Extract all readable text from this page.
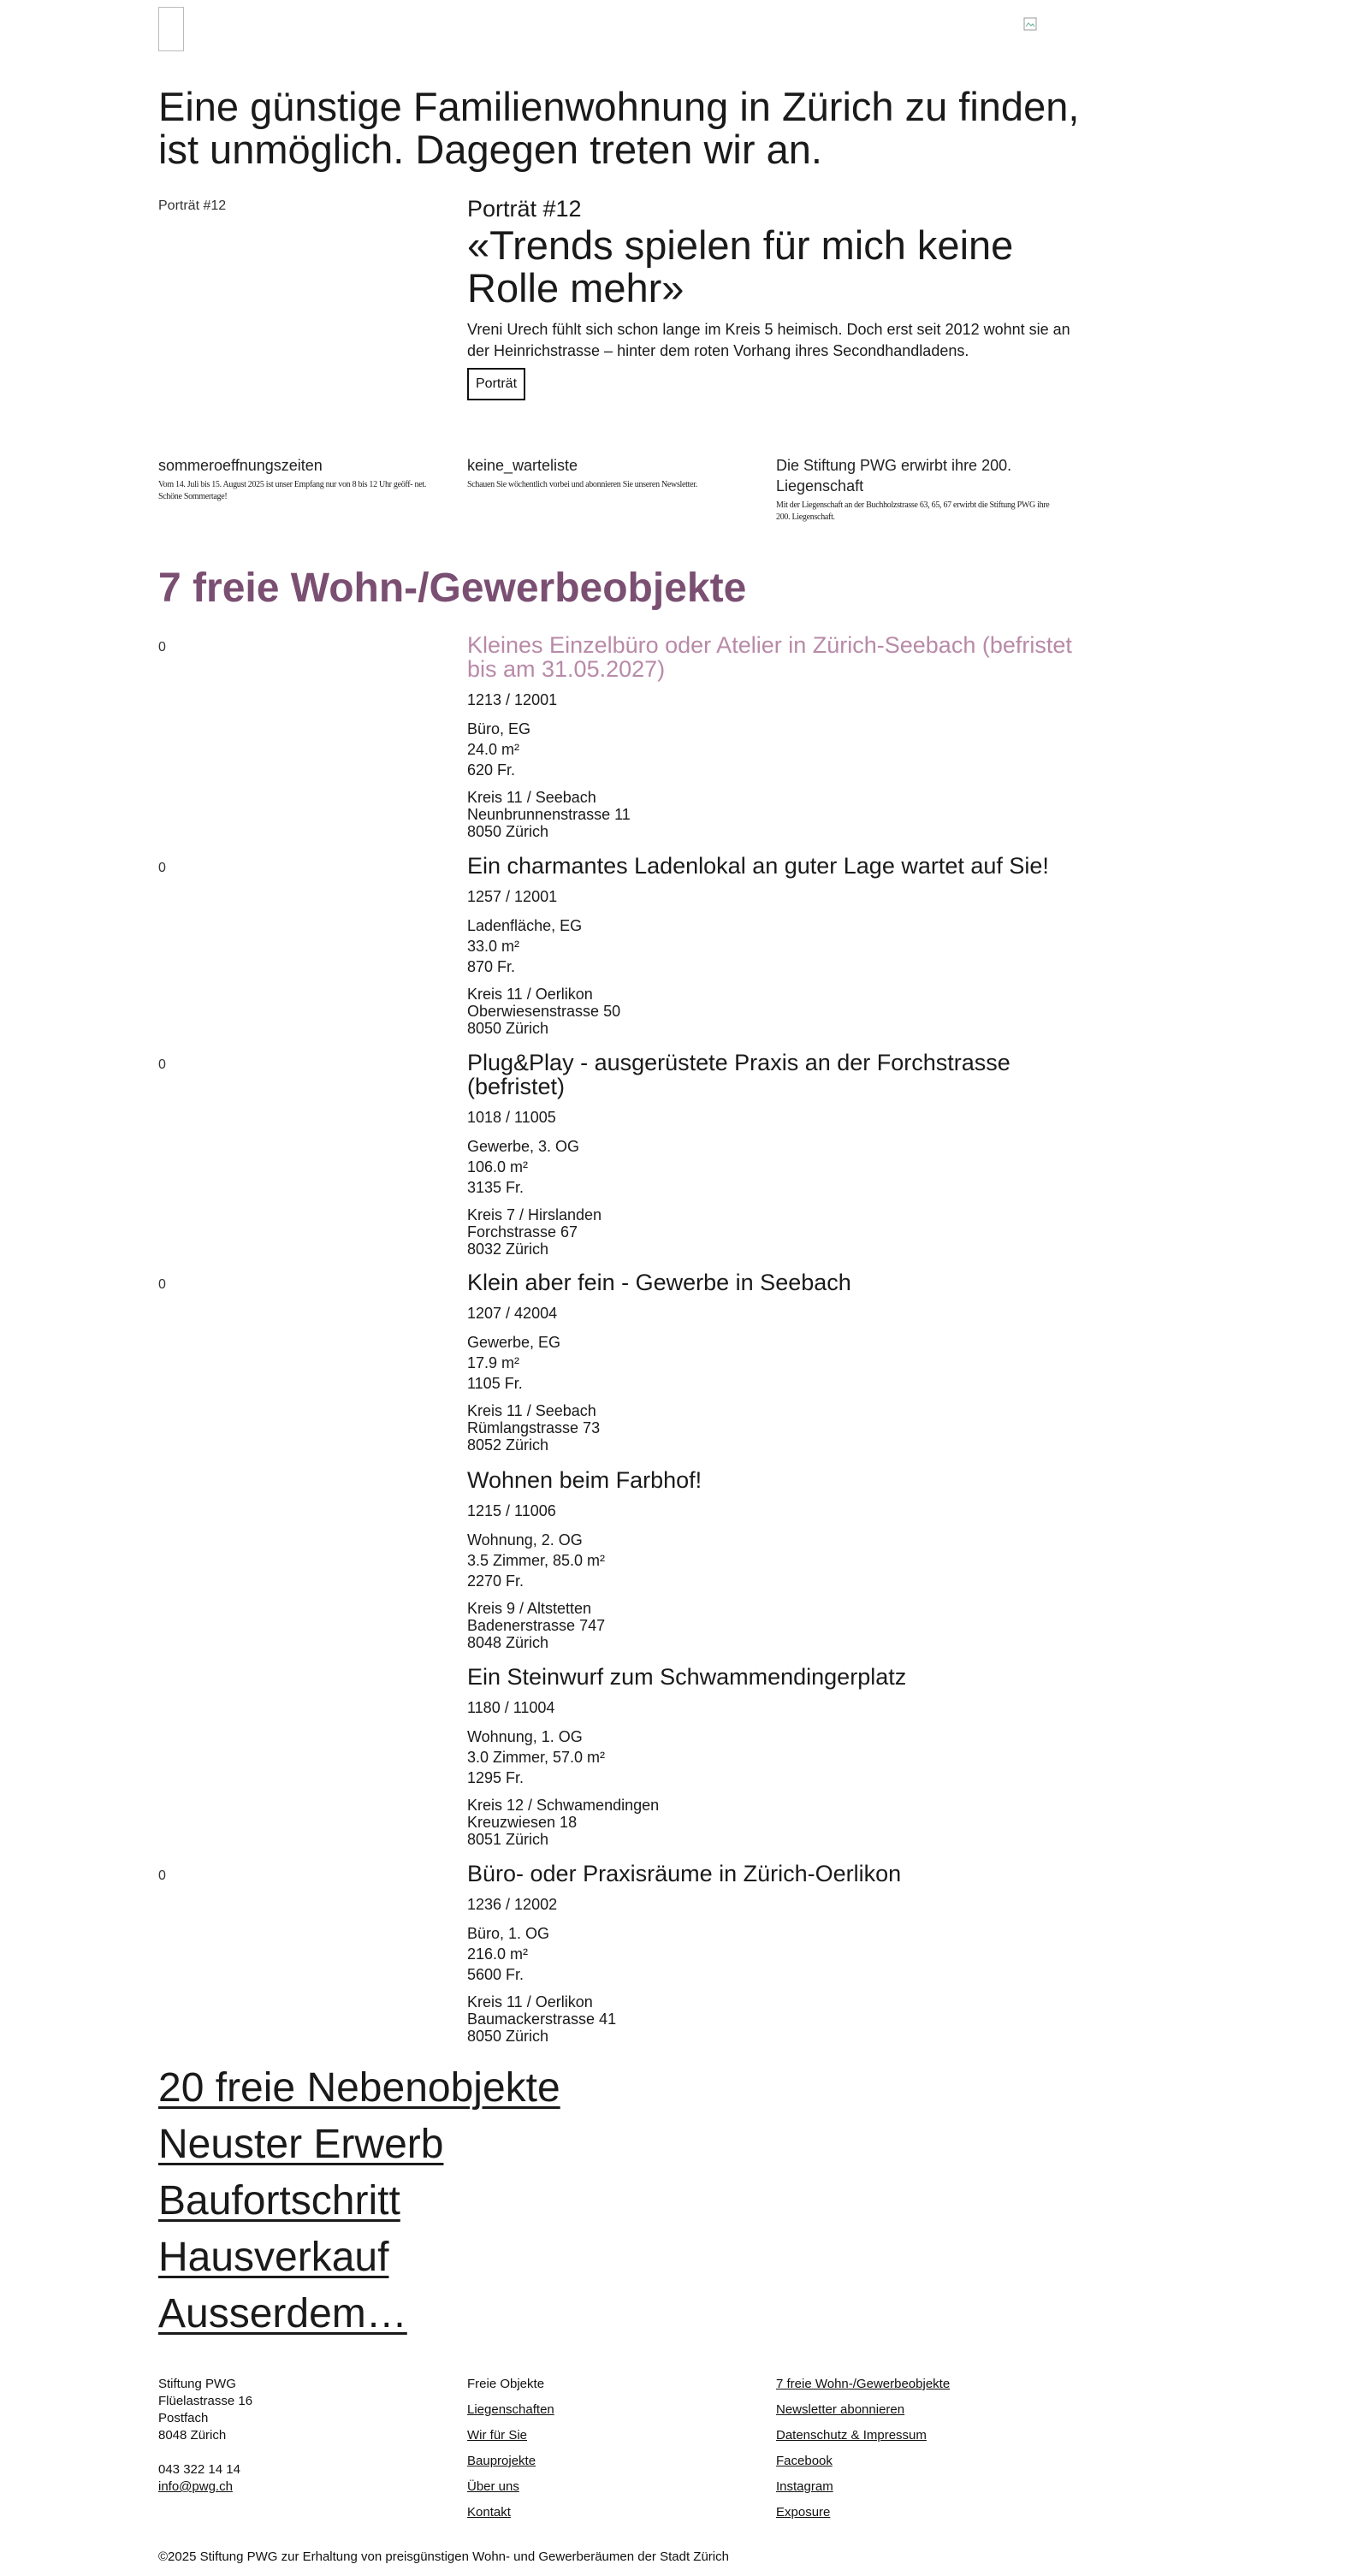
Eine günstige Familienwohnung in Zürich zu finden, ist unmöglich. Dagegen treten wir an.
Porträt #12	Porträt #12
«Trends spielen für mich keine Rolle mehr»
Vreni Urech fühlt sich schon lange im Kreis 5 heimisch. Doch erst seit 2012 wohnt sie an der Heinrichstrasse – hinter dem roten Vorhang ihres Secondhandladens.
Porträt
sommeroeffnungszeiten
Vom 14. Juli bis 15. August 2025 ist unser Empfang nur von 8 bis 12 Uhr geöff- net. Schöne Sommertage!
keine_warteliste
Schauen Sie wöchentlich vorbei und abonnieren Sie unseren Newsletter.
Die Stiftung PWG erwirbt ihre 200. Liegenschaft
Mit der Liegenschaft an der Buchholzstrasse 63, 65, 67 erwirbt die Stiftung PWG ihre 200. Liegenschaft.
7 freie Wohn-/Gewerbeobjekte
0	Kleines Einzelbüro oder Atelier in Zürich-Seebach (befristet bis am 31.05.2027)

1213 / 12001

Büro, EG

24.0 m²

620 Fr.

Kreis 11 / Seebach

Neunbrunnenstrasse 11

8050 Zürich

0	Ein charmantes Ladenlokal an guter Lage wartet auf Sie!

1257 / 12001

Ladenfläche, EG

33.0 m²

870 Fr.

Kreis 11 / Oerlikon

Oberwiesenstrasse 50

8050 Zürich

0	Plug&Play - ausgerüstete Praxis an der Forchstrasse (befristet)

1018 / 11005

Gewerbe, 3. OG

106.0 m²

3135 Fr.

Kreis 7 / Hirslanden

Forchstrasse 67

8032 Zürich

0	Klein aber fein - Gewerbe in Seebach

1207 / 42004

Gewerbe, EG

17.9 m²

1105 Fr.

Kreis 11 / Seebach

Rümlangstrasse 73

8052 Zürich

Wohnen beim Farbhof!

1215 / 11006

Wohnung, 2. OG

3.5 Zimmer, 85.0 m²

2270 Fr.

Kreis 9 / Altstetten

Badenerstrasse 747

8048 Zürich

Ein Steinwurf zum Schwammendingerplatz

1180 / 11004

Wohnung, 1. OG

3.0 Zimmer, 57.0 m²

1295 Fr.

Kreis 12 / Schwamendingen

Kreuzwiesen 18

8051 Zürich

0	Büro- oder Praxisräume in Zürich-Oerlikon

1236 / 12002

Büro, 1. OG

216.0 m²

5600 Fr.

Kreis 11 / Oerlikon

Baumackerstrasse 41

8050 Zürich

20 freie Nebenobjekte
Neuster Erwerb
Baufortschritt
Hausverkauf
Ausserdem…
Stiftung PWG
Flüelastrasse 16
Postfach
8048 Zürich
043 322 14 14
info@pwg.ch
Freie Objekte
Liegenschaften
Wir für Sie
Bauprojekte
Über uns
Kontakt
7 freie Wohn-/Gewerbeobjekte
Newsletter abonnieren
Datenschutz & Impressum
Facebook
Instagram
Exposure
©2025 Stiftung PWG zur Erhaltung von preisgünstigen Wohn- und Gewerberäumen der Stadt Zürich
